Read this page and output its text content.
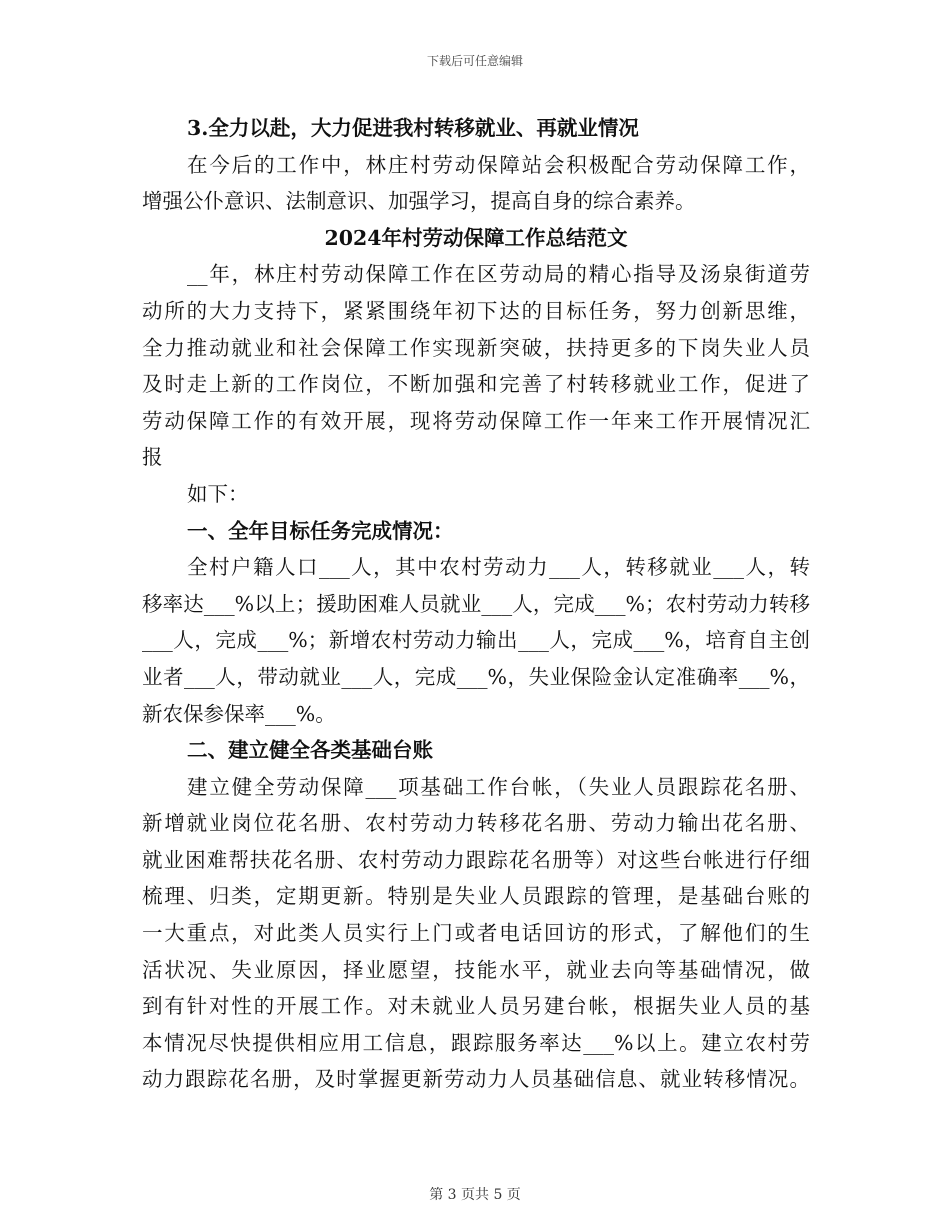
下载后可任意编辑
3.全力以赴，大力促进我村转移就业、再就业情况
在今后的工作中，林庄村劳动保障站会积极配合劳动保障工作，
增强公仆意识、法制意识、加强学习，提高自身的综合素养。
2024年村劳动保障工作总结范文
__年，林庄村劳动保障工作在区劳动局的精心指导及汤泉街道劳
动所的大力支持下，紧紧围绕年初下达的目标任务，努力创新思维，
全力推动就业和社会保障工作实现新突破，扶持更多的下岗失业人员
及时走上新的工作岗位，不断加强和完善了村转移就业工作，促进了
劳动保障工作的有效开展，现将劳动保障工作一年来工作开展情况汇
报
如下：
一、全年目标任务完成情况：
全村户籍人口___人，其中农村劳动力___人，转移就业___人，转
移率达___%以上；援助困难人员就业___人，完成___%；农村劳动力转移
___人，完成___%；新增农村劳动力输出___人，完成___%，培育自主创
业者___人，带动就业___人，完成___%，失业保险金认定准确率___%，
新农保参保率___%。
二、建立健全各类基础台账
建立健全劳动保障___项基础工作台帐，（失业人员跟踪花名册、
新增就业岗位花名册、农村劳动力转移花名册、劳动力输出花名册、
就业困难帮扶花名册、农村劳动力跟踪花名册等）对这些台帐进行仔细
梳理、归类，定期更新。特别是失业人员跟踪的管理，是基础台账的
一大重点，对此类人员实行上门或者电话回访的形式，了解他们的生
活状况、失业原因，择业愿望，技能水平，就业去向等基础情况，做
到有针对性的开展工作。对未就业人员另建台帐，根据失业人员的基
本情况尽快提供相应用工信息，跟踪服务率达___%以上。建立农村劳
动力跟踪花名册，及时掌握更新劳动力人员基础信息、就业转移情况。
第 3 页共 5 页
